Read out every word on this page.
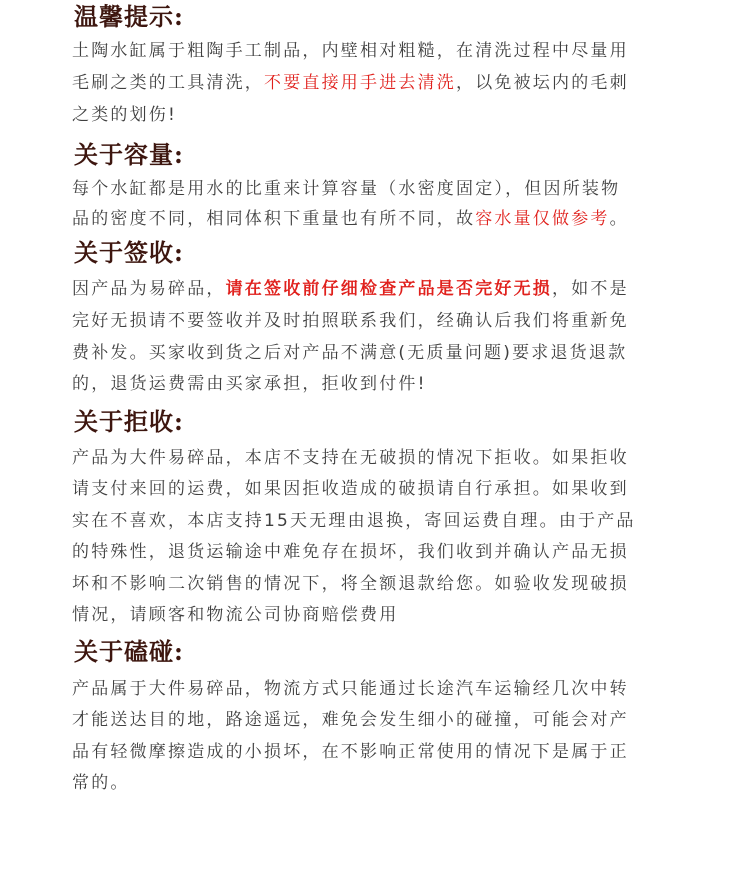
温馨提示:
土陶水缸属于粗陶手工制品，内壁相对粗糙，在清洗过程中尽量用
毛刷之类的工具清洗，不要直接用手进去清洗，以免被坛内的毛刺
之类的划伤!
关于容量:
每个水缸都是用水的比重来计算容量（水密度固定），但因所装物
品的密度不同，相同体积下重量也有所不同，故容水量仅做参考。
关于签收:
因产品为易碎品，请在签收前仔细检查产品是否完好无损，如不是
完好无损请不要签收并及时拍照联系我们，经确认后我们将重新免
费补发。买家收到货之后对产品不满意(无质量问题)要求退货退款
的，退货运费需由买家承担，拒收到付件!
关于拒收:
产品为大件易碎品，本店不支持在无破损的情况下拒收。如果拒收
请支付来回的运费，如果因拒收造成的破损请自行承担。如果收到
实在不喜欢，本店支持15天无理由退换，寄回运费自理。由于产品
的特殊性，退货运输途中难免存在损坏，我们收到并确认产品无损
坏和不影响二次销售的情况下，将全额退款给您。如验收发现破损
情况，请顾客和物流公司协商赔偿费用
关于磕碰:
产品属于大件易碎品，物流方式只能通过长途汽车运输经几次中转
才能送达目的地，路途遥远，难免会发生细小的碰撞，可能会对产
品有轻微摩擦造成的小损坏，在不影响正常使用的情况下是属于正
常的。
